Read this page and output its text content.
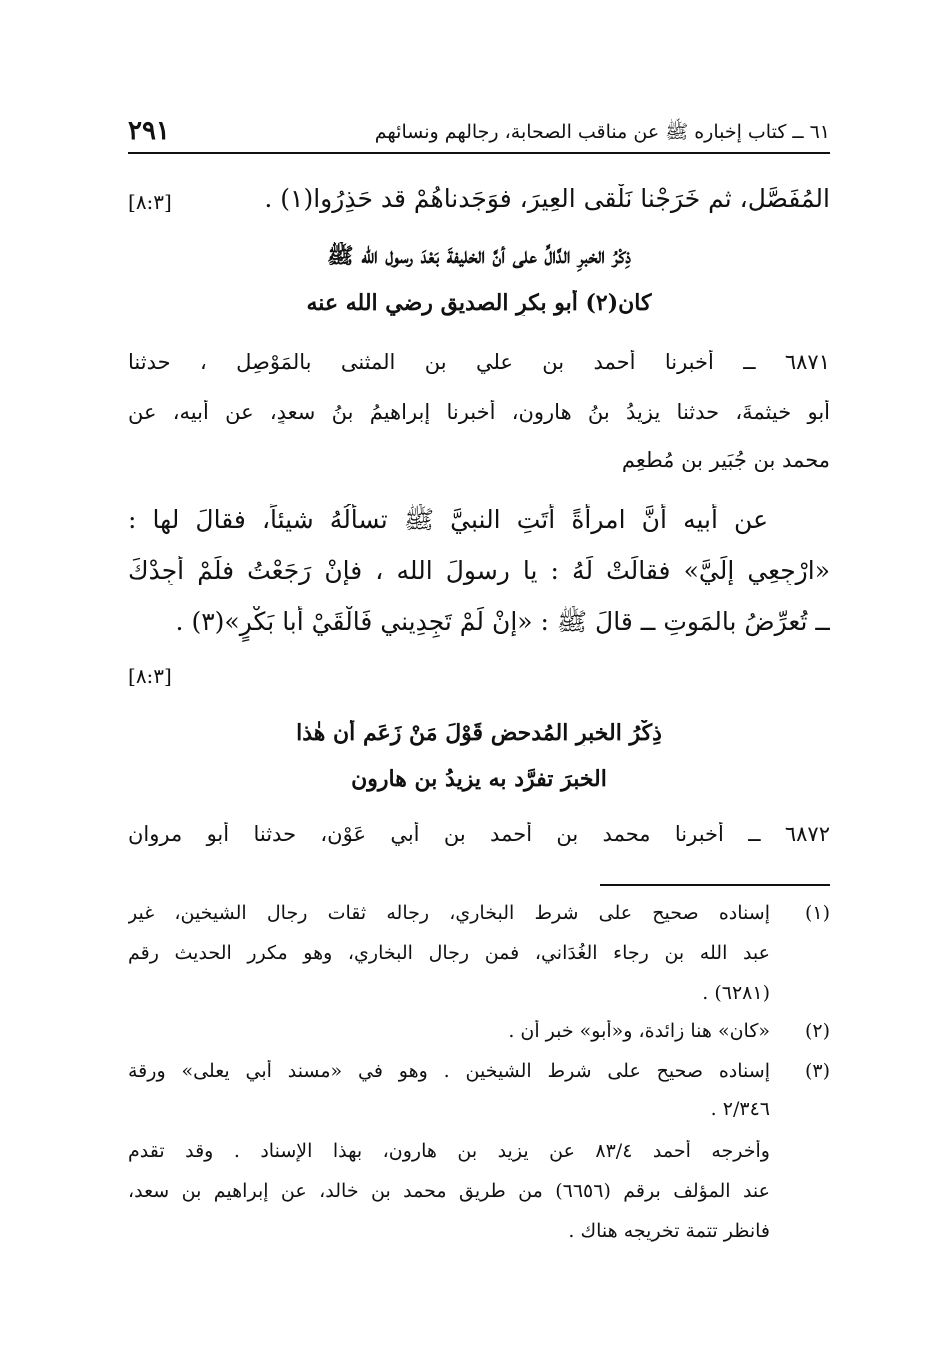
٢٩١	٦١ ــ كتاب إخباره ﷺ عن مناقب الصحابة، رجالهم ونسائهم
المُفَصَّل، ثم خَرَجْنا نَلْقى العِيرَ، فوَجَدناهُمْ قد حَذِرُوا(١) .
[٨:٣]
ذِكْرُ الخبرِ الدَّالِّ على أنَّ الخليفةَ بَعْدَ رسول الله ﷺ
كان(٢) أبو بكرٍ الصديق رضي الله عنه
٦٨٧١ ــ أخبرنا أحمد بن علي بن المثنى بالمَوْصِلِ ، حدثنا
أبو خيثمةَ، حدثنا يزيدُ بنُ هارون، أخبرنا إبراهيمُ بنُ سعدٍ، عن أبيه، عن
محمد بن جُبَير بن مُطعِمٍ
عن أبيه أنَّ امرأةً أتَتِ النبيَّ ﷺ تسألُهُ شيئاً، فقالَ لها :
«ارْجِعِي إلَيَّ» فقالَتْ لَهُ : يا رسولَ الله ، فإنْ رَجَعْتُ فلَمْ أجِدْكَ
ــ تُعرِّضُ بالمَوتِ ــ قالَ ﷺ : «إنْ لَمْ تَجِدِيني فَالْقَيْ أبا بَكْرٍ»(٣) .
[٨:٣]
ذِكْرُ الخبرِ المُدحضِ قَوْلَ مَنْ زَعَم أن هٰذا
الخبرَ تفرَّد به يزيدُ بن هارون
٦٨٧٢ ــ أخبرنا محمد بن أحمد بن أبي عَوْن، حدثنا أبو مروان
(١)
إسناده صحيح على شرط البخاري، رجاله ثقات رجال الشيخين، غير
عبد الله بن رجاء الغُدَاني، فمن رجال البخاري، وهو مكرر الحديث رقم
(٦٢٨١) .
(٢)
«كان» هنا زائدة، و«أبو» خبر أن .
(٣)
إسناده صحيح على شرط الشيخين . وهو في «مسند أبي يعلى» ورقة
٢/٣٤٦ .
وأخرجه أحمد ٨٣/٤ عن يزيد بن هارون، بهذا الإسناد . وقد تقدم
عند المؤلف برقم (٦٦٥٦) من طريق محمد بن خالد، عن إبراهيم بن سعد،
فانظر تتمة تخريجه هناك .
